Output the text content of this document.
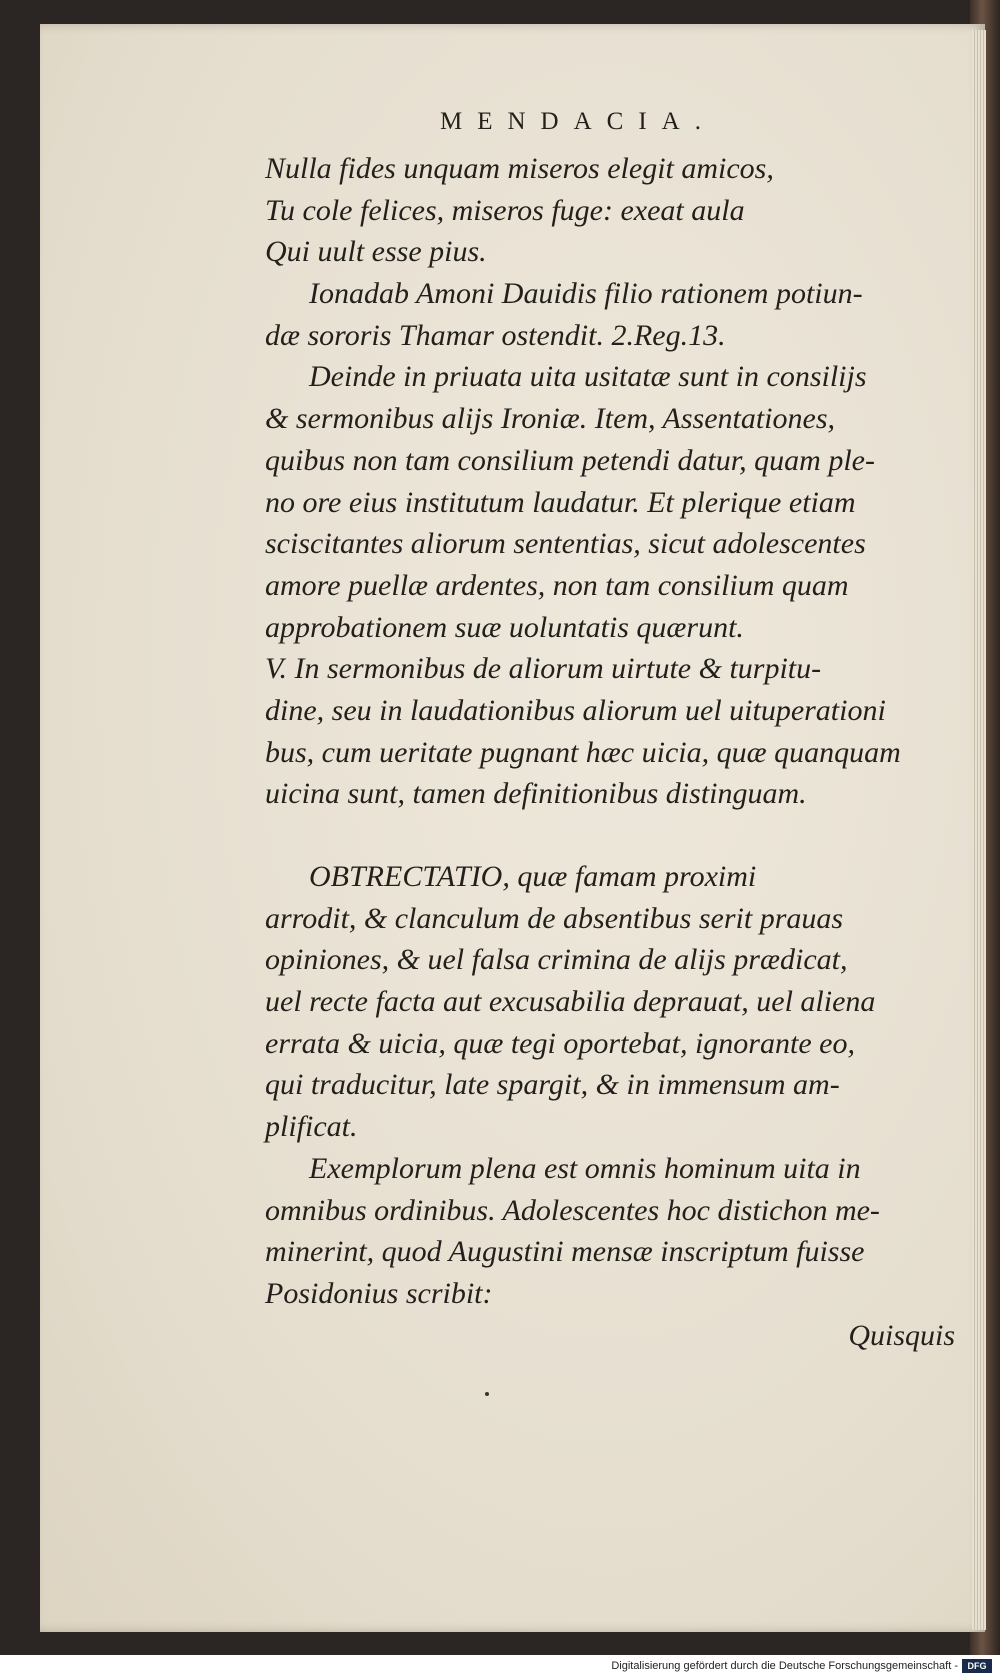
MENDACIA.
Nulla fides unquam miseros elegit amicos,
Tu cole felices, miseros fuge: exeat aula
Qui uult esse pius.
Ionadab Amoni Dauidis filio rationem potiun-
dæ sororis Thamar ostendit. 2.Reg.13.
Deinde in priuata uita usitatæ sunt in consilijs
& sermonibus alijs Ironiæ. Item, Assentationes,
quibus non tam consilium petendi datur, quam ple-
no ore eius institutum laudatur. Et plerique etiam
sciscitantes aliorum sententias, sicut adolescentes
amore puellæ ardentes, non tam consilium quam
approbationem suæ uoluntatis quærunt.
V. In sermonibus de aliorum uirtute & turpitu-
dine, seu in laudationibus aliorum uel uituperationi
bus, cum ueritate pugnant hæc uicia, quæ quanquam
uicina sunt, tamen definitionibus distinguam.
OBTRECTATIO, quæ famam proximi
arrodit, & clanculum de absentibus serit prauas
opiniones, & uel falsa crimina de alijs prædicat,
uel recte facta aut excusabilia deprauat, uel aliena
errata & uicia, quæ tegi oportebat, ignorante eo,
qui traducitur, late spargit, & in immensum am-
plificat.
Exemplorum plena est omnis hominum uita in
omnibus ordinibus. Adolescentes hoc distichon me-
minerint, quod Augustini mensæ inscriptum fuisse
Posidonius scribit:
Quisquis
Digitalisierung gefördert durch die Deutsche Forschungsgemeinschaft -	DFG
